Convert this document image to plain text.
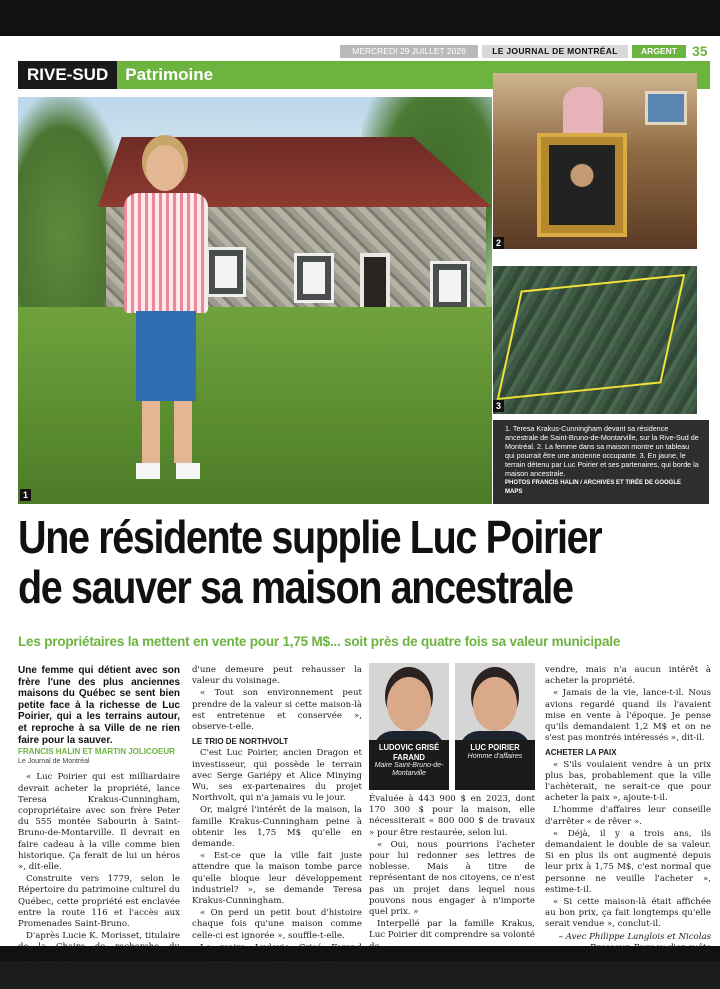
MERCREDI 29 JUILLET 2026	LE JOURNAL DE MONTRÉAL	ARGENT	35
RIVE-SUD	Patrimoine
1
2
3
1. Teresa Krakus-Cunningham devant sa résidence ancestrale de Saint-Bruno-de-Montarville, sur la Rive-Sud de Montréal. 2. La femme dans sa maison montre un tableau qui pourrait être une ancienne occupante. 3. En jaune, le terrain détenu par Luc Poirier et ses partenaires, qui borde la maison ancestrale.
PHOTOS FRANCIS HALIN / ARCHIVES ET TIRÉE DE GOOGLE MAPS
Une résidente supplie Luc Poirier
de sauver sa maison ancestrale
Les propriétaires la mettent en vente pour 1,75 M$... soit près de quatre fois sa valeur municipale

Une femme qui détient avec son frère l'une des plus anciennes maisons du Québec se sent bien petite face à la richesse de Luc Poirier, qui a les terrains autour, et reproche à sa Ville de ne rien faire pour la sauver.

FRANCIS HALIN ET MARTIN JOLICOEUR
Le Journal de Montréal

« Luc Poirier qui est milliardaire devrait acheter la propriété, lance Teresa Krakus-Cunningham, copropriétaire avec son frère Peter du 555 montée Sabourin à Saint-Bruno-de-Montarville. Il devrait en faire cadeau à la ville comme bien historique. Ça ferait de lui un héros », dit-elle.

Construite vers 1779, selon le Répertoire du patrimoine culturel du Québec, cette propriété est enclavée entre la route 116 et l'accès aux Promenades Saint-Bruno.

D'après Lucie K. Morisset, titulaire conservation

d'une demeure peut rehausser la valeur du voisinage.

« Tout son environnement peut prendre de la valeur si cette maison-là est entretenue et conservée », observe-t-elle.

LE TRIO DE NORTHVOLT

C'est Luc Poirier, ancien Dragon et investisseur, qui possède le terrain avec Serge Gariépy et Alice Minying Wu, ses ex-partenaires du projet Northvolt, qui n'a jamais vu le jour.

Or, malgré l'intérêt de la maison, la famille Krakus-Cunningham peine à obtenir les 1,75 M$ qu'elle en demande.

« Est-ce que la ville fait juste attendre que la maison tombe parce qu'elle bloque leur développement industriel? », se demande Teresa Krakus-Cunningham.

« On perd un petit bout d'histoire chaque fois qu'une maison comme celle-ci est ignorée », souffle-t-elle.

la propriété si le prix était revu à la baisse.

LUDOVIC GRISÉ FARAND
Maire Saint-Bruno-de-Montarville
LUC POIRIER
Homme d'affaires

Évaluée à 443 900 $ en 2023, dont 170 300 $ pour la maison, elle nécessiterait « 800 000 $ de travaux » pour être restaurée, selon lui.

« Oui, nous pourrions l'acheter pour lui redonner ses lettres de noblesse. Mais à titre de représentant de nos citoyens, ce n'est pas un projet dans lequel nous pouvons nous engager à n'importe quel prix. »

Interpellé par la famille Krakus, Luc Poirier dit comprendre sa volonté

vendre, mais n'a aucun intérêt à acheter la propriété.

« Jamais de la vie, lance-t-il. Nous avions regardé quand ils l'avaient mise en vente à l'époque. Je pense qu'ils demandaient 1,2 M$ et on ne s'est pas montrés intéressés », dit-il.

ACHETER LA PAIX

« S'ils voulaient vendre à un prix plus bas, probablement que la ville l'achèterait, ne serait-ce que pour acheter la paix », ajoute-t-il.

L'homme d'affaires leur conseille d'arrêter « de rêver ».

« Déjà, il y a trois ans, ils demandaient le double de sa valeur. Si en plus ils ont augmenté depuis leur prix à 1,75 M$, c'est normal que personne ne veuille l'acheter », estime-t-il.

« Si cette maison-là était affichée au bon prix, ça fait longtemps qu'elle serait vendue », conclut-il.

– Avec Philippe Langlois et Nicolas
